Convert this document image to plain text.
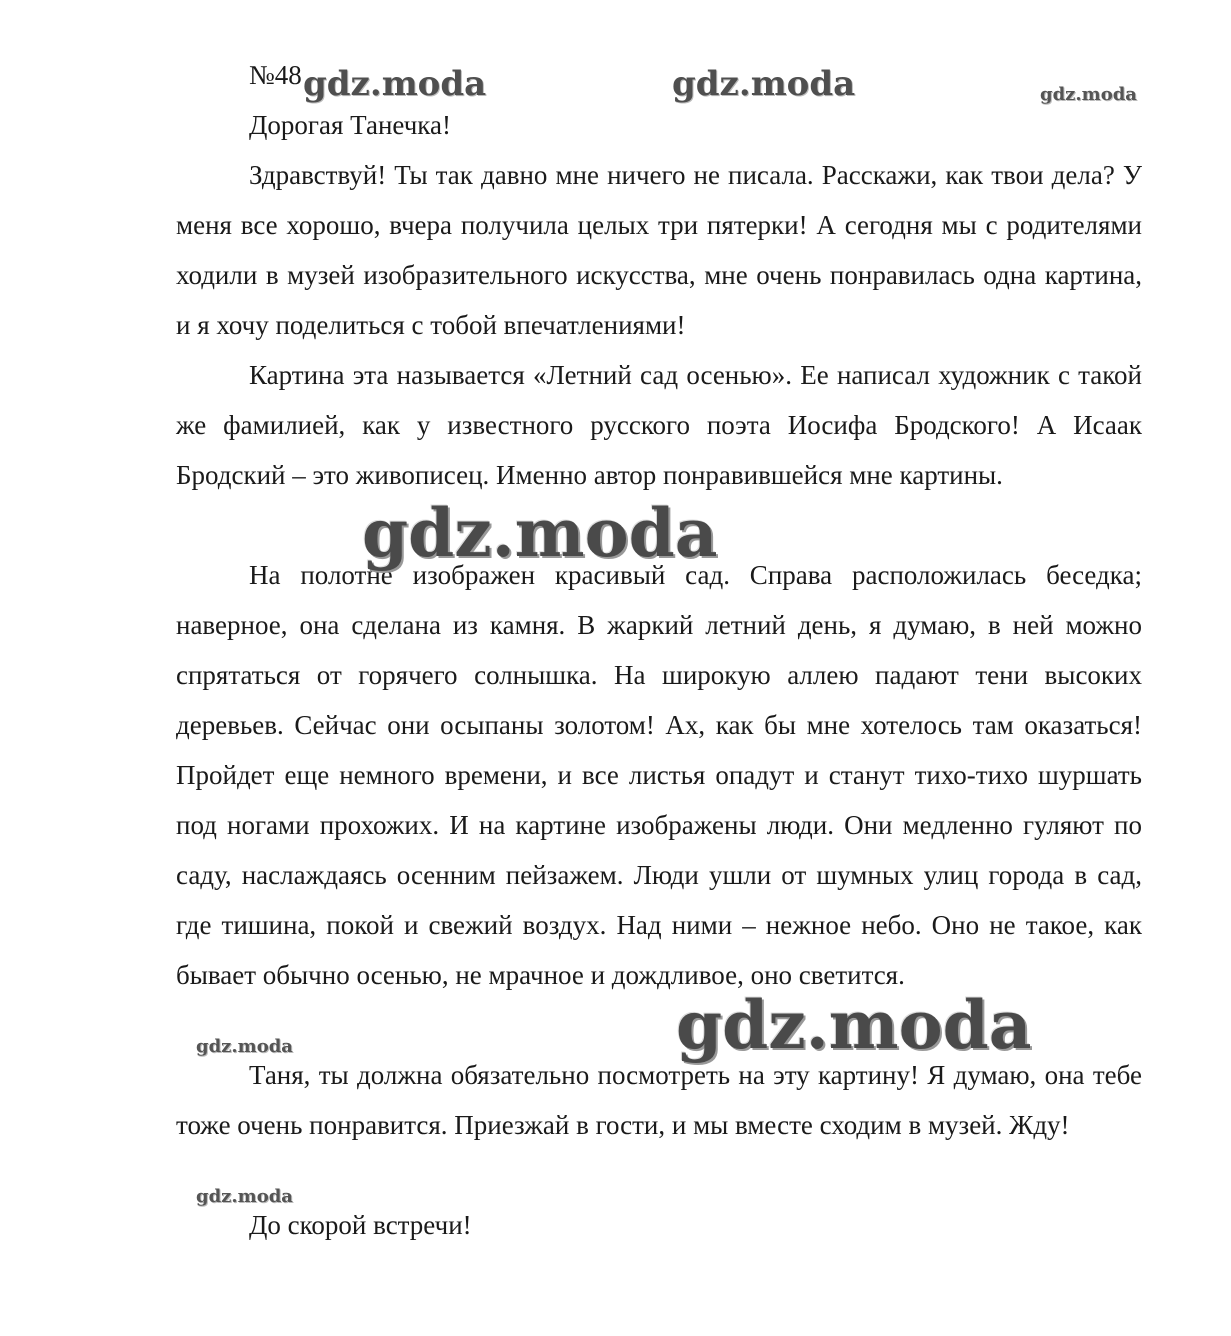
№48

Дорогая Танечка!

Здравствуй! Ты так давно мне ничего не писала. Расскажи, как твои дела? У меня все хорошо, вчера получила целых три пятерки! А сегодня мы с родителями ходили в музей изобразительного искусства, мне очень понравилась одна картина, и я хочу поделиться с тобой впечатлениями!

Картина эта называется «Летний сад осенью». Ее написал художник с такой же фамилией, как у известного русского поэта Иосифа Бродского! А Исаак Бродский – это живописец. Именно автор понравившейся мне картины.

На полотне изображен красивый сад. Справа расположилась беседка; наверное, она сделана из камня. В жаркий летний день, я думаю, в ней можно спрятаться от горячего солнышка. На широкую аллею падают тени высоких деревьев. Сейчас они осыпаны золотом! Ах, как бы мне хотелось там оказаться! Пройдет еще немного времени, и все листья опадут и станут тихо-тихо шуршать под ногами прохожих. И на картине изображены люди. Они медленно гуляют по саду, наслаждаясь осенним пейзажем. Люди ушли от шумных улиц города в сад, где тишина, покой и свежий воздух. Над ними – нежное небо. Оно не такое, как бывает обычно осенью, не мрачное и дождливое, оно светится.

Таня, ты должна обязательно посмотреть на эту картину! Я думаю, она тебе тоже очень понравится. Приезжай в гости, и мы вместе сходим в музей. Жду!

До скорой встречи!

gdz.moda	gdz.moda	gdz.moda
gdz.moda
gdz.moda
gdz.moda
gdz.moda
